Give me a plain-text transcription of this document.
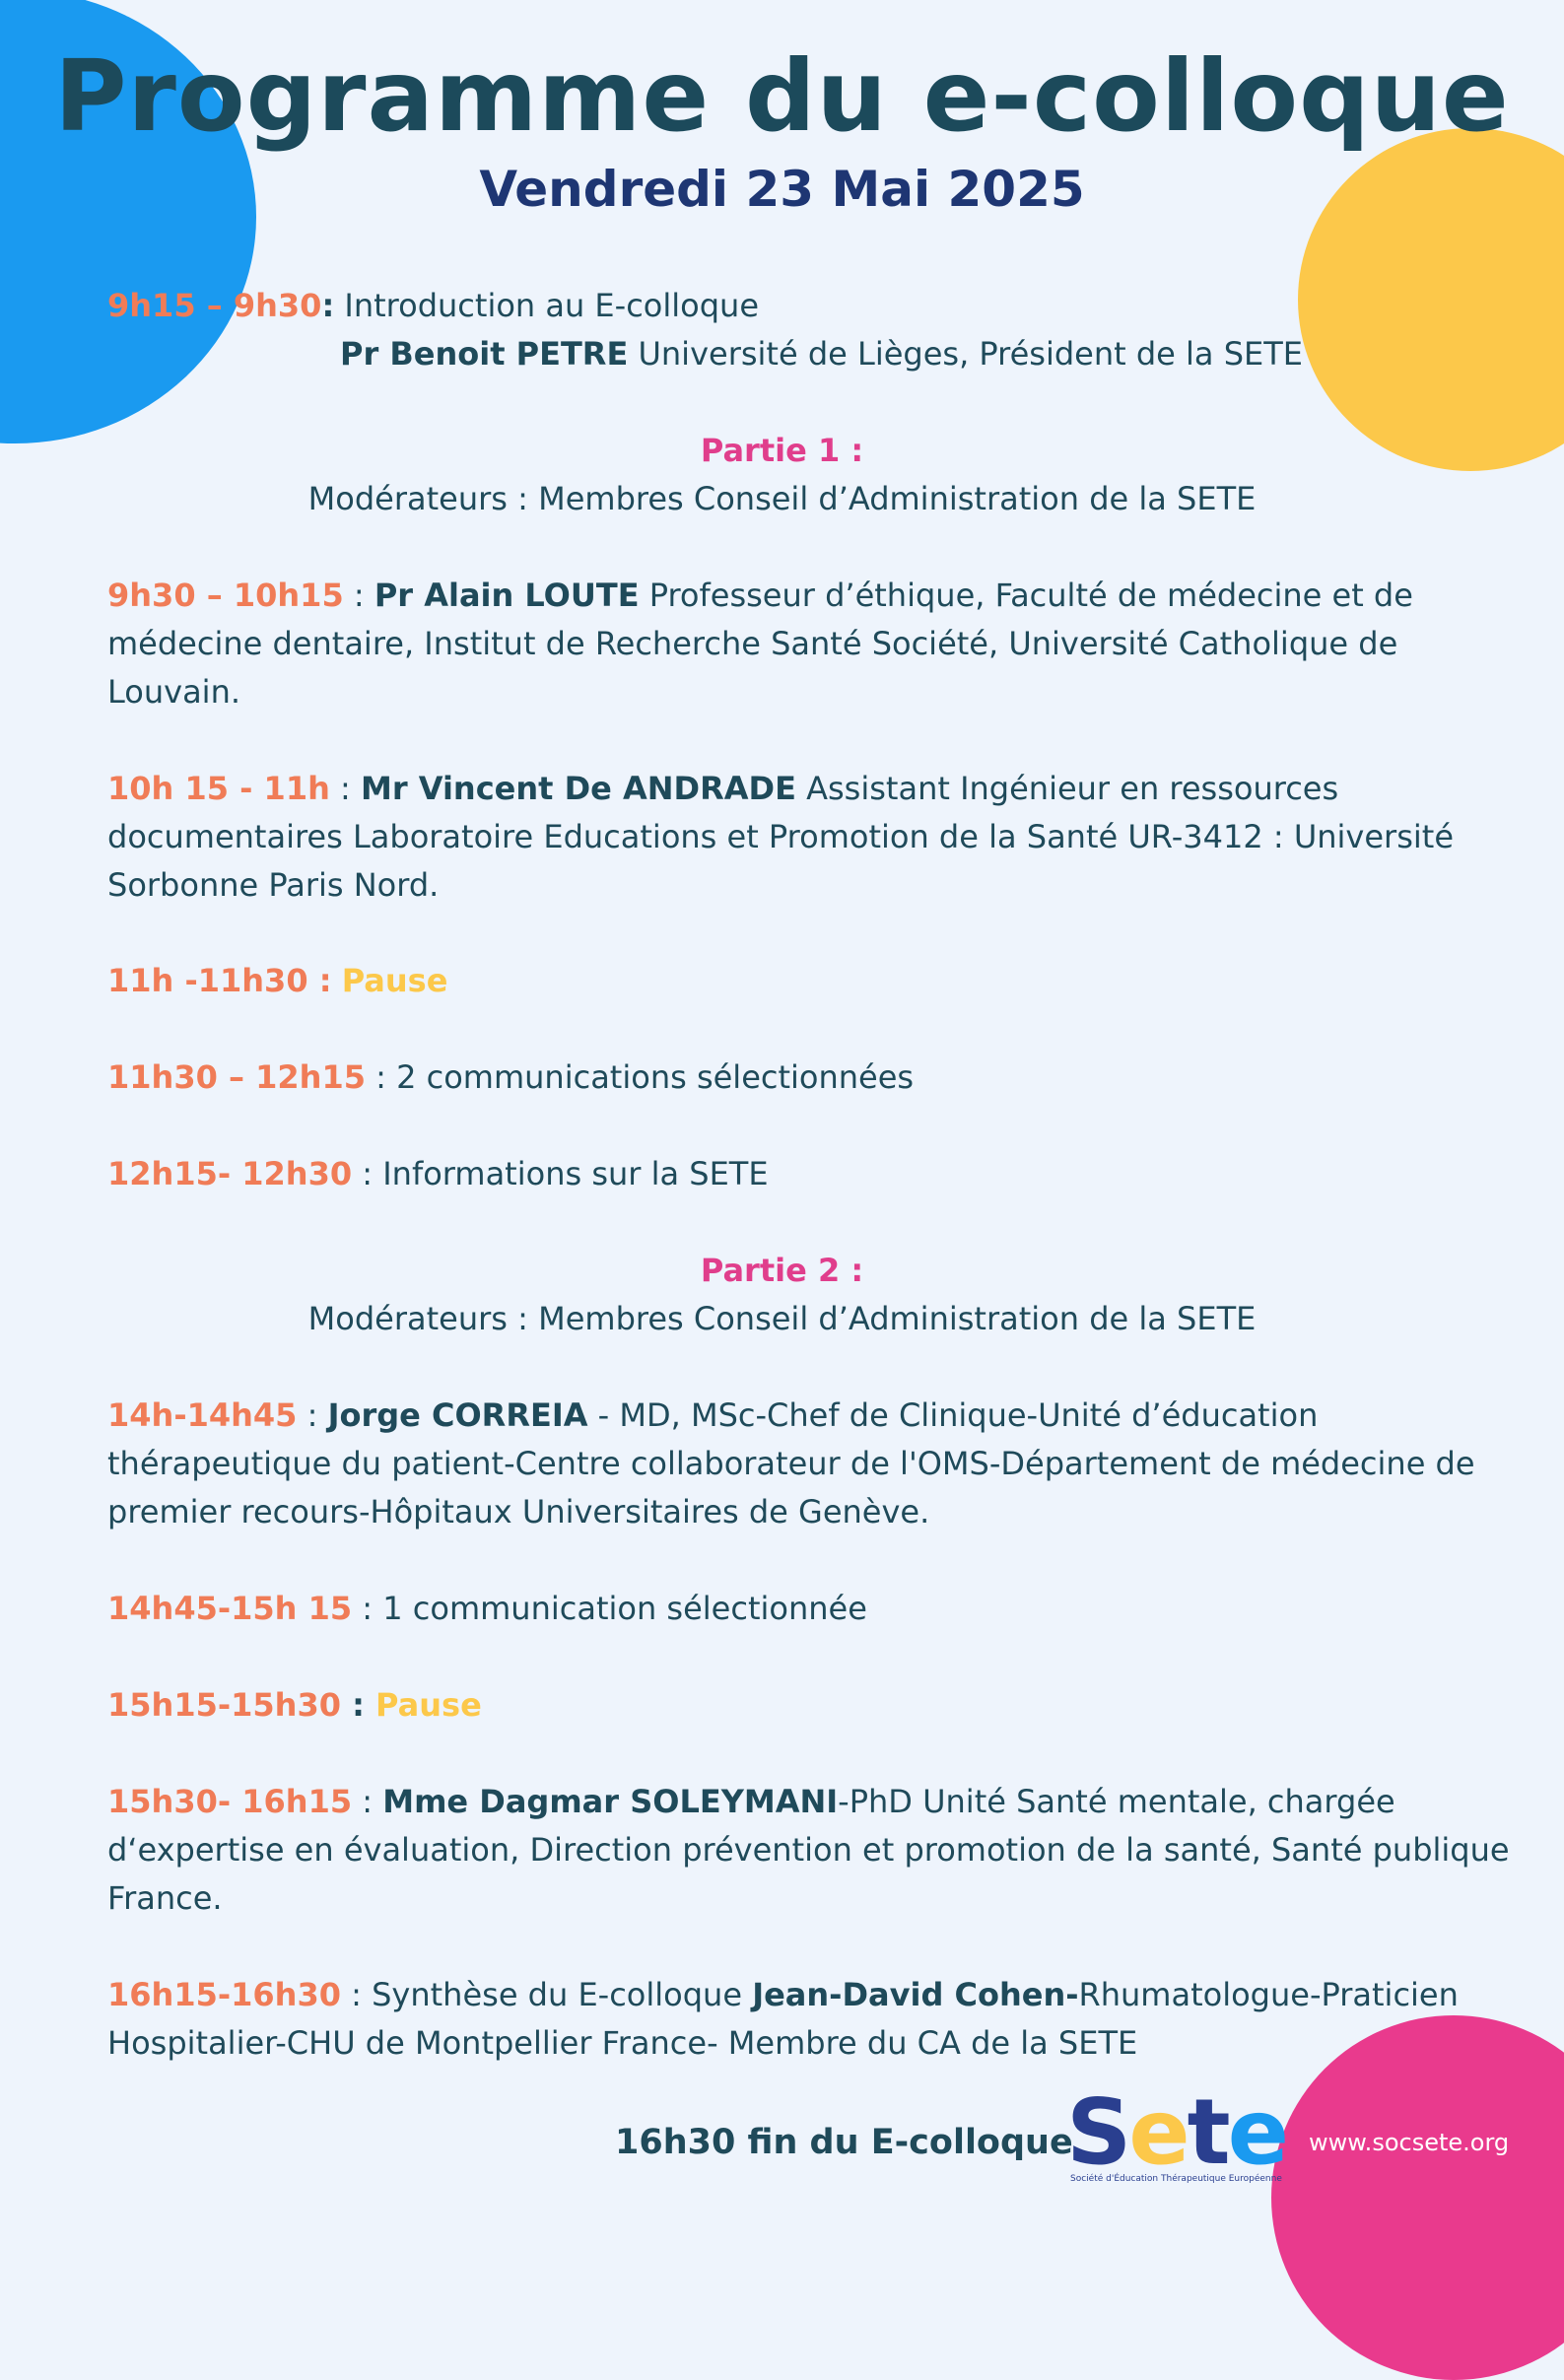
Programme du e-colloque
Vendredi 23 Mai 2025
9h15 – 9h30: Introduction au E-colloque
Pr Benoit PETRE Université de Lièges, Président de la SETE
Partie 1 :
Modérateurs : Membres Conseil d’Administration de la SETE
9h30 – 10h15 : Pr Alain LOUTE Professeur d’éthique, Faculté de médecine et de médecine dentaire, Institut de Recherche Santé Société, Université Catholique de Louvain.
10h 15 - 11h : Mr Vincent De ANDRADE Assistant Ingénieur en ressources documentaires Laboratoire Educations et Promotion de la Santé UR-3412 : Université Sorbonne Paris Nord.
11h -11h30 : Pause
11h30 – 12h15 : 2 communications sélectionnées
12h15- 12h30 : Informations sur la SETE
Partie 2 :
Modérateurs : Membres Conseil d’Administration de la SETE
14h-14h45 : Jorge CORREIA - MD, MSc-Chef de Clinique-Unité d’éducation thérapeutique du patient-Centre collaborateur de l'OMS-Département de médecine de premier recours-Hôpitaux Universitaires de Genève.
14h45-15h 15 : 1 communication sélectionnée
15h15-15h30 : Pause
15h30- 16h15 : Mme Dagmar SOLEYMANI-PhD Unité Santé mentale, chargée d‘expertise en évaluation, Direction prévention et promotion de la santé, Santé publique France.
16h15-16h30 : Synthèse du E-colloque Jean-David Cohen-Rhumatologue-Praticien Hospitalier-CHU de Montpellier France- Membre du CA de la SETE
16h30 fin du E-colloque
Sete
Société d'Éducation Thérapeutique Européenne
www.socsete.org
